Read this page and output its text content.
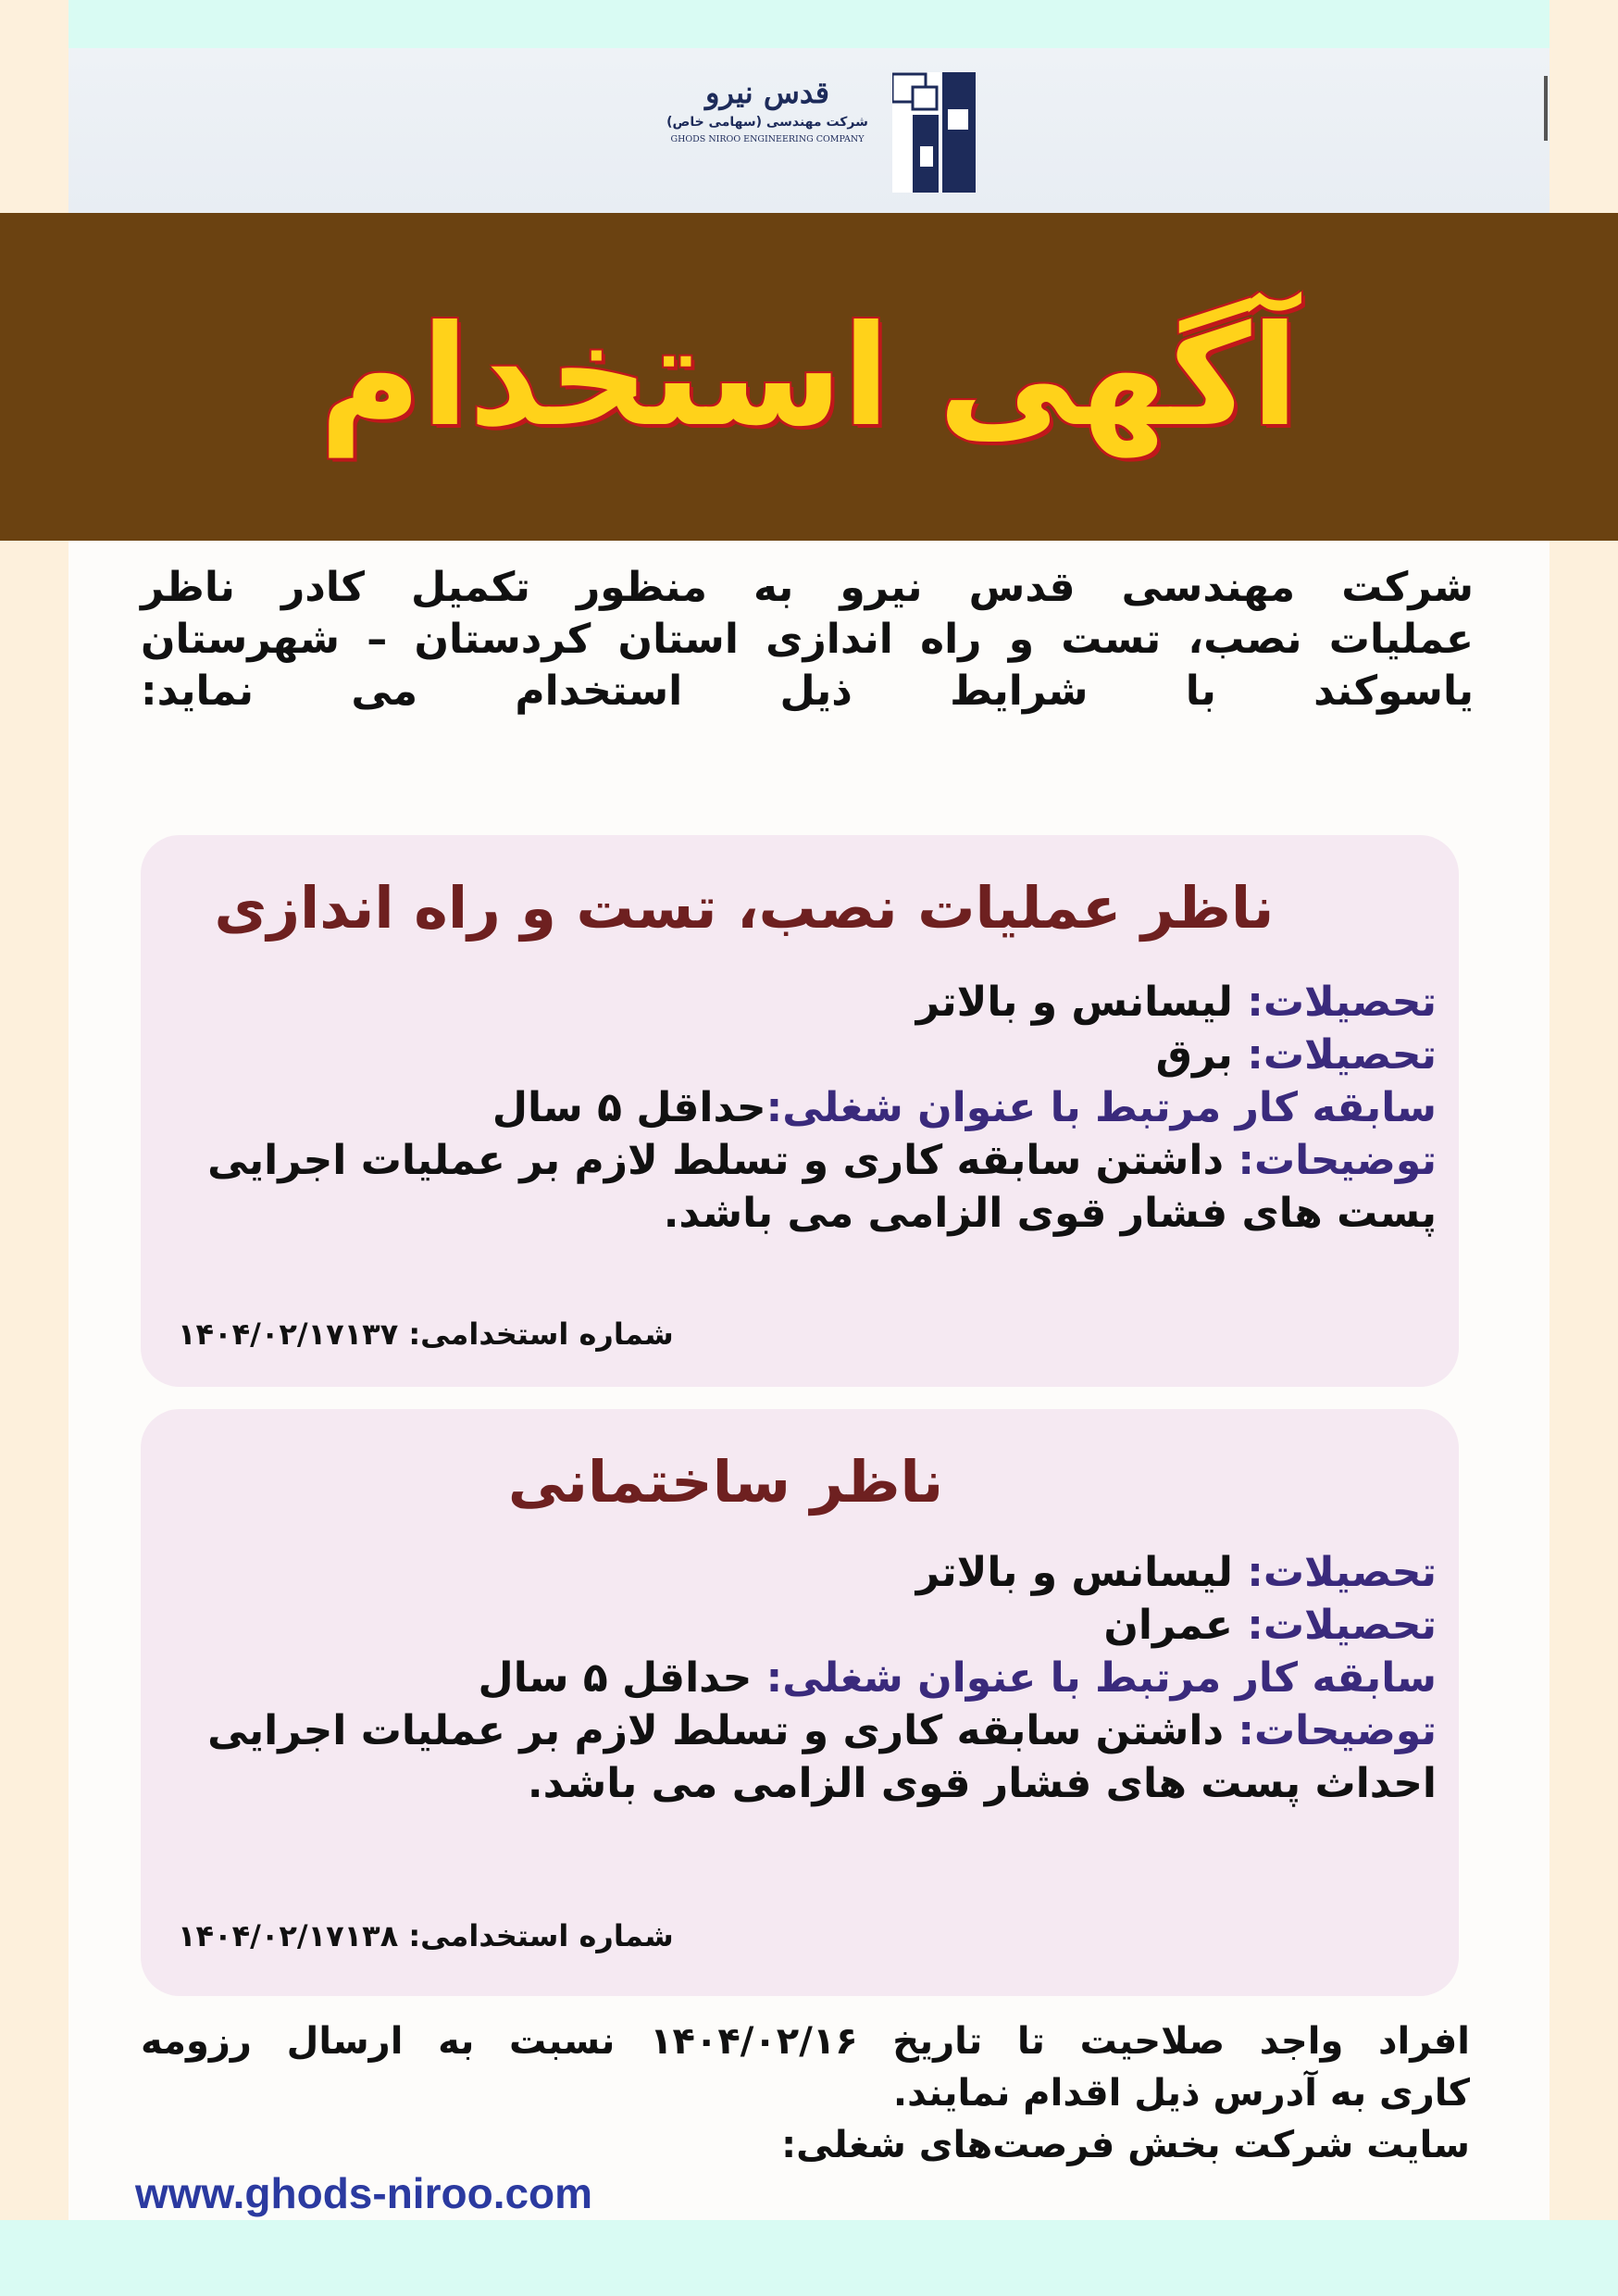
قدس نیرو
شرکت مهندسی (سهامی خاص)
GHODS NIROO ENGINEERING COMPANY
آگهی استخدام

شرکت مهندسی قدس نیرو به منظور تکمیل کادر ناظر

عملیات نصب، تست و راه اندازی استان کردستان – شهرستان

یاسوکند با شرایط ذیل استخدام می نماید:

ناظر عملیات نصب، تست و راه اندازی

تحصیلات: لیسانس و بالاتر

تحصیلات: برق

سابقه کار مرتبط با عنوان شغلی:حداقل ۵ سال

توضیحات: داشتن سابقه کاری و تسلط لازم بر عملیات اجرایی پست های فشار قوی الزامی می باشد.

شماره استخدامی: ۱۴۰۴/۰۲/۱۷۱۳۷
ناظر ساختمانی

تحصیلات: لیسانس و بالاتر

تحصیلات: عمران

سابقه کار مرتبط با عنوان شغلی: حداقل ۵ سال

توضیحات: داشتن سابقه کاری و تسلط لازم بر عملیات اجرایی احداث پست های فشار قوی الزامی می باشد.

شماره استخدامی: ۱۴۰۴/۰۲/۱۷۱۳۸

افراد واجد صلاحیت تا تاریخ ۱۴۰۴/۰۲/۱۶ نسبت به ارسال رزومه

کاری به آدرس ذیل اقدام نمایند.

سایت شرکت بخش فرصت‌های شغلی:

www.ghods-niroo.com
